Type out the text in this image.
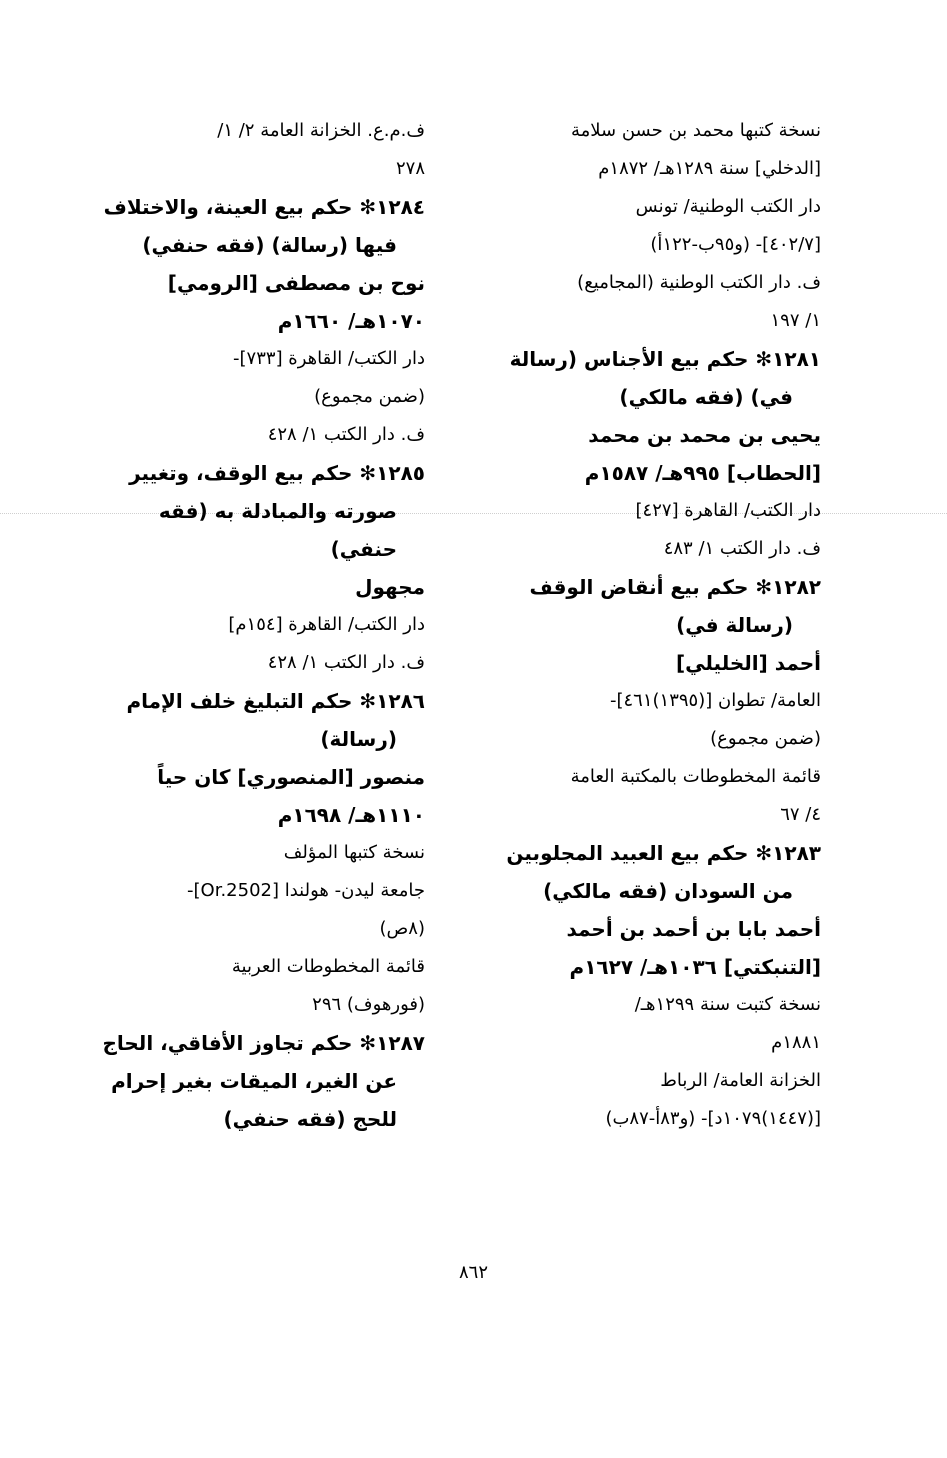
نسخة كتبها محمد بن حسن سلامة
[الدخلي] سنة ١٢٨٩هـ/ ١٨٧٢م
دار الكتب الوطنية/ تونس
[٤٠٢/٧]- (و٩٥ب-١٢٢أ)
ف. دار الكتب الوطنية (المجاميع)
١/ ١٩٧
١٢٨١✻ حكم بيع الأجناس (رسالة
في) (فقه مالكي)
يحيى بن محمد بن محمد
[الحطاب] ٩٩٥هـ/ ١٥٨٧م
دار الكتب/ القاهرة [٤٢٧]
ف. دار الكتب ١/ ٤٨٣
١٢٨٢✻ حكم بيع أنقاض الوقف
(رسالة في)
أحمد [الخليلي]
العامة/ تطوان [(١٣٩٥)٤٦١]-
(ضمن مجموع)
قائمة المخطوطات بالمكتبة العامة
٤/ ٦٧
١٢٨٣✻ حكم بيع العبيد المجلوبين
من السودان (فقه مالكي)
أحمد بابا بن أحمد بن أحمد
[التنبكتي] ١٠٣٦هـ/ ١٦٢٧م
نسخة كتبت سنة ١٢٩٩هـ/
١٨٨١م
الخزانة العامة/ الرباط
[(١٤٤٧)١٠٧٩د]- (و٨٣أ-٨٧ب)
ف.م.ع. الخزانة العامة ٢/ ١/
٢٧٨
١٢٨٤✻ حكم بيع العينة، والاختلاف
فيها (رسالة) (فقه حنفي)
نوح بن مصطفى [الرومي]
١٠٧٠هـ/ ١٦٦٠م
دار الكتب/ القاهرة [٧٣٣]-
(ضمن مجموع)
ف. دار الكتب ١/ ٤٢٨
١٢٨٥✻ حكم بيع الوقف، وتغيير
صورته والمبادلة به (فقه
حنفي)
مجهول
دار الكتب/ القاهرة [١٥٤م]
ف. دار الكتب ١/ ٤٢٨
١٢٨٦✻ حكم التبليغ خلف الإمام
(رسالة)
منصور [المنصوري] كان حياً
١١١٠هـ/ ١٦٩٨م
نسخة كتبها المؤلف
جامعة ليدن- هولندا [Or.2502]-
(٨ص)
قائمة المخطوطات العربية
(فورهوف) ٢٩٦
١٢٨٧✻ حكم تجاوز الأفاقي، الحاج
عن الغير، الميقات بغير إحرام
للحج (فقه حنفي)
٨٦٢
